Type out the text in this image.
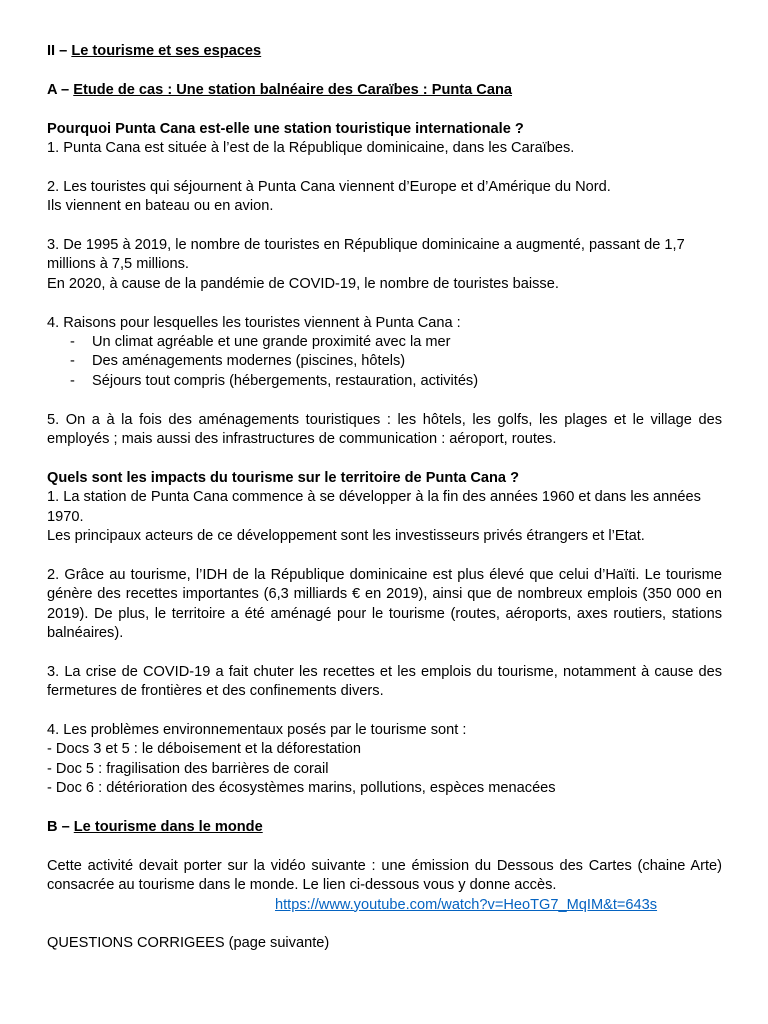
II – Le tourisme et ses espaces

A – Etude de cas : Une station balnéaire des Caraïbes : Punta Cana

Pourquoi Punta Cana est-elle une station touristique internationale ?

1. Punta Cana est située à l’est de la République dominicaine, dans les Caraïbes.

2. Les touristes qui séjournent à Punta Cana viennent d’Europe et d’Amérique du Nord.

Ils viennent en bateau ou en avion.

3. De 1995 à 2019, le nombre de touristes en République dominicaine a augmenté, passant de 1,7 millions à 7,5 millions.

En 2020, à cause de la pandémie de COVID-19, le nombre de touristes baisse.

4. Raisons pour lesquelles les touristes viennent à Punta Cana :

- Un climat agréable et une grande proximité avec la mer
- Des aménagements modernes (piscines, hôtels)
- Séjours tout compris (hébergements, restauration, activités)

5. On a à la fois des aménagements touristiques : les hôtels, les golfs, les plages et le village des employés ; mais aussi des infrastructures de communication : aéroport, routes.

Quels sont les impacts du tourisme sur le territoire de Punta Cana ?

1. La station de Punta Cana commence à se développer à la fin des années 1960 et dans les années 1970.

Les principaux acteurs de ce développement sont les investisseurs privés étrangers et l’Etat.

2. Grâce au tourisme, l’IDH de la République dominicaine est plus élevé que celui d’Haïti. Le tourisme génère des recettes importantes (6,3 milliards € en 2019), ainsi que de nombreux emplois (350 000 en 2019). De plus, le territoire a été aménagé pour le tourisme (routes, aéroports, axes routiers, stations balnéaires).

3. La crise de COVID-19 a fait chuter les recettes et les emplois du tourisme, notamment à cause des fermetures de frontières et des confinements divers.

4. Les problèmes environnementaux posés par le tourisme sont :

- Docs 3 et 5 : le déboisement et la déforestation

- Doc 5 : fragilisation des barrières de corail

- Doc 6 : détérioration des écosystèmes marins, pollutions, espèces menacées

B – Le tourisme dans le monde

Cette activité devait porter sur la vidéo suivante : une émission du Dessous des Cartes (chaine Arte) consacrée au tourisme dans le monde. Le lien ci-dessous vous y donne accès.

https://www.youtube.com/watch?v=HeoTG7_MqIM&t=643s

QUESTIONS CORRIGEES (page suivante)
